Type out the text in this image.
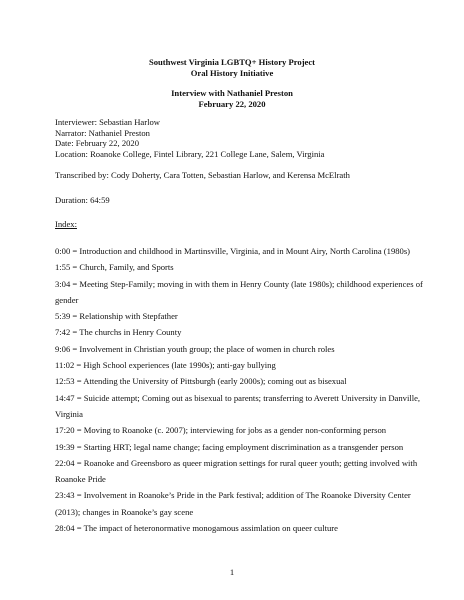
Southwest Virginia LGBTQ+ History Project
Oral History Initiative
Interview with Nathaniel Preston
February 22, 2020
Interviewer: Sebastian Harlow
Narrator: Nathaniel Preston
Date: February 22, 2020
Location: Roanoke College, Fintel Library, 221 College Lane, Salem, Virginia
Transcribed by: Cody Doherty, Cara Totten, Sebastian Harlow, and Kerensa McElrath
Duration: 64:59
Index:

0:00 = Introduction and childhood in Martinsville, Virginia, and in Mount Airy, North Carolina (1980s)

1:55 = Church, Family, and Sports

3:04 = Meeting Step-Family; moving in with them in Henry County (late 1980s); childhood experiences of gender

5:39 = Relationship with Stepfather

7:42 = The churchs in Henry County

9:06 = Involvement in Christian youth group; the place of women in church roles

11:02 = High School experiences (late 1990s); anti-gay bullying

12:53 = Attending the University of Pittsburgh (early 2000s); coming out as bisexual

14:47 = Suicide attempt; Coming out as bisexual to parents; transferring to Averett University in Danville, Virginia

17:20 = Moving to Roanoke (c. 2007); interviewing for jobs as a gender non-conforming person

19:39 = Starting HRT; legal name change; facing employment discrimination as a transgender person

22:04 = Roanoke and Greensboro as queer migration settings for rural queer youth; getting involved with Roanoke Pride

23:43 = Involvement in Roanoke’s Pride in the Park festival; addition of The Roanoke Diversity Center (2013); changes in Roanoke’s gay scene

28:04 = The impact of heteronormative monogamous assimlation on queer culture

1
